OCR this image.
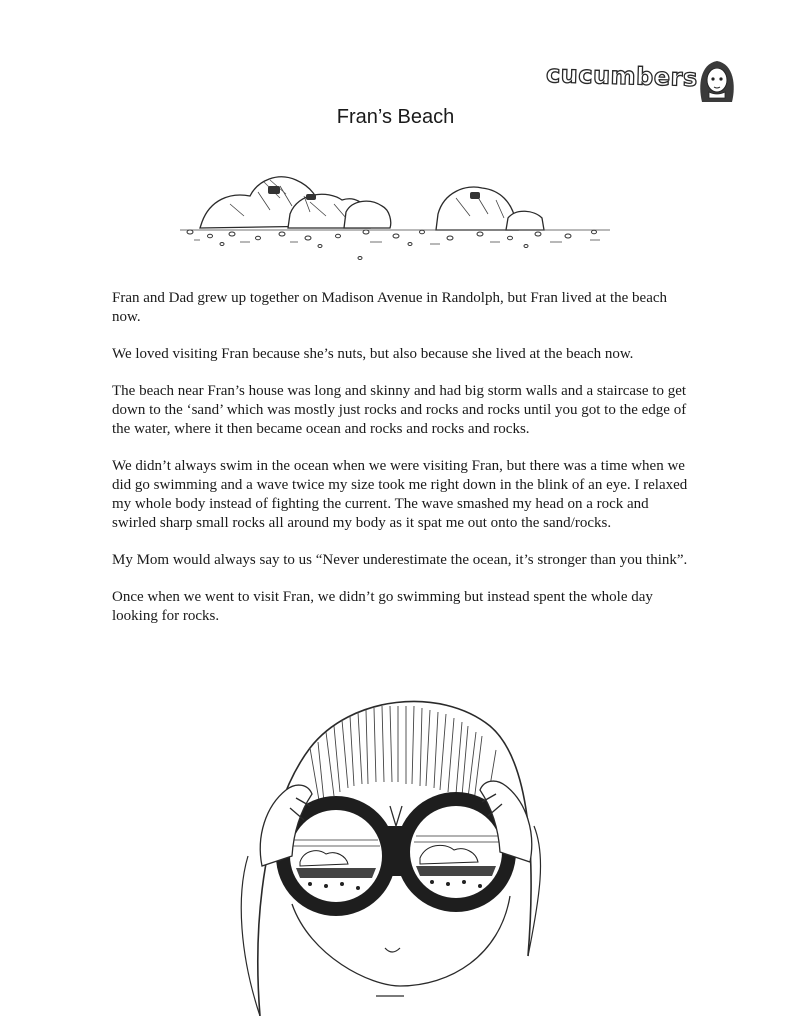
cucumbers
Fran’s Beach

Fran and Dad grew up together on Madison Avenue in Randolph, but Fran lived at the beach now.

We loved visiting Fran because she’s nuts, but also because she lived at the beach now.

The beach near Fran’s house was long and skinny and had big storm walls and a staircase to get down to the ‘sand’ which was mostly just rocks and rocks and rocks until you got to the edge of the water, where it then became ocean and rocks and rocks and rocks.

We didn’t always swim in the ocean when we were visiting Fran, but there was a time when we did go swimming and a wave twice my size took me right down in the blink of an eye. I relaxed my whole body instead of fighting the current. The wave smashed my head on a rock and swirled sharp small rocks all around my body as it spat me out onto the sand/rocks.

My Mom would always say to us “Never underestimate the ocean, it’s stronger than you think”.

Once when we went to visit Fran, we didn’t go swimming but instead spent the whole day looking for rocks.
